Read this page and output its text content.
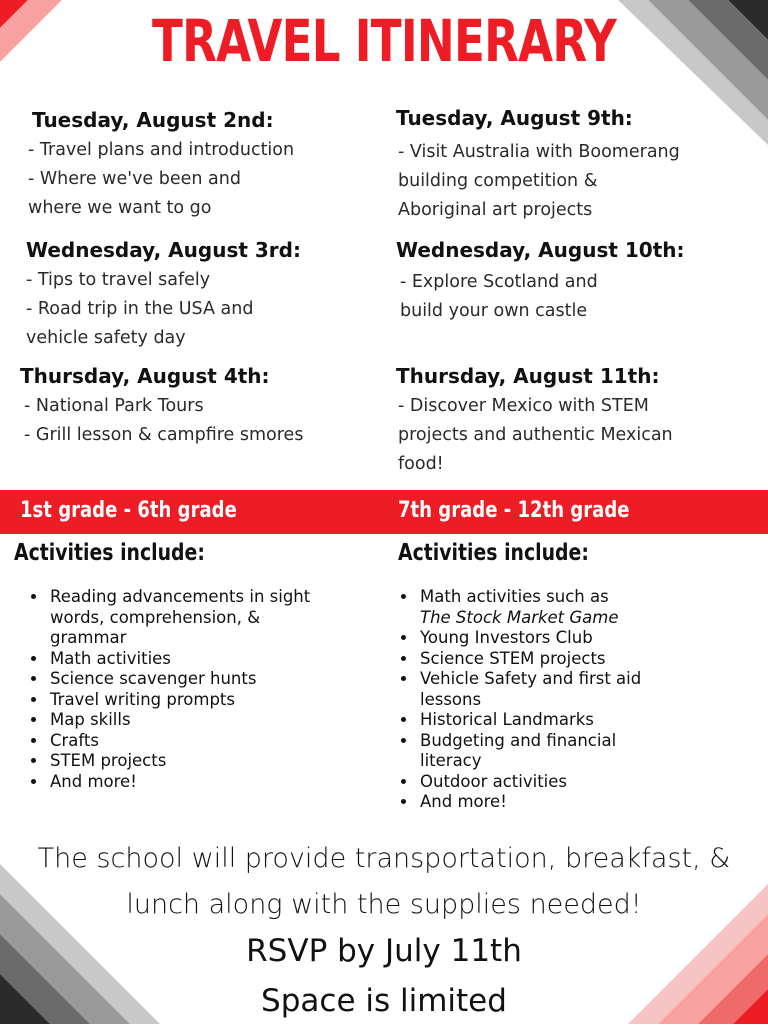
TRAVEL ITINERARY
Tuesday, August 2nd:

- Travel plans and introduction
- Where we've been and
where we want to go

Wednesday, August 3rd:

- Tips to travel safely
- Road trip in the USA and
vehicle safety day

Thursday, August 4th:

- National Park Tours
- Grill lesson & campfire smores

Tuesday, August 9th:

- Visit Australia with Boomerang
building competition &
Aboriginal art projects

Wednesday, August 10th:

- Explore Scotland and
build your own castle

Thursday, August 11th:

- Discover Mexico with STEM
projects and authentic Mexican
food!

1st grade - 6th grade	7th grade - 12th grade
Activities include:	Activities include:
• Reading advancements in sight words, comprehension, & grammar
• Math activities
• Science scavenger hunts
• Travel writing prompts
• Map skills
• Crafts
• STEM projects
• And more!
• Math activities such as
The Stock Market Game
• Young Investors Club
• Science STEM projects
• Vehicle Safety and first aid lessons
• Historical Landmarks
• Budgeting and financial literacy
• Outdoor activities
• And more!
The school will provide transportation, breakfast, &
lunch along with the supplies needed!
RSVP by July 11th
Space is limited
